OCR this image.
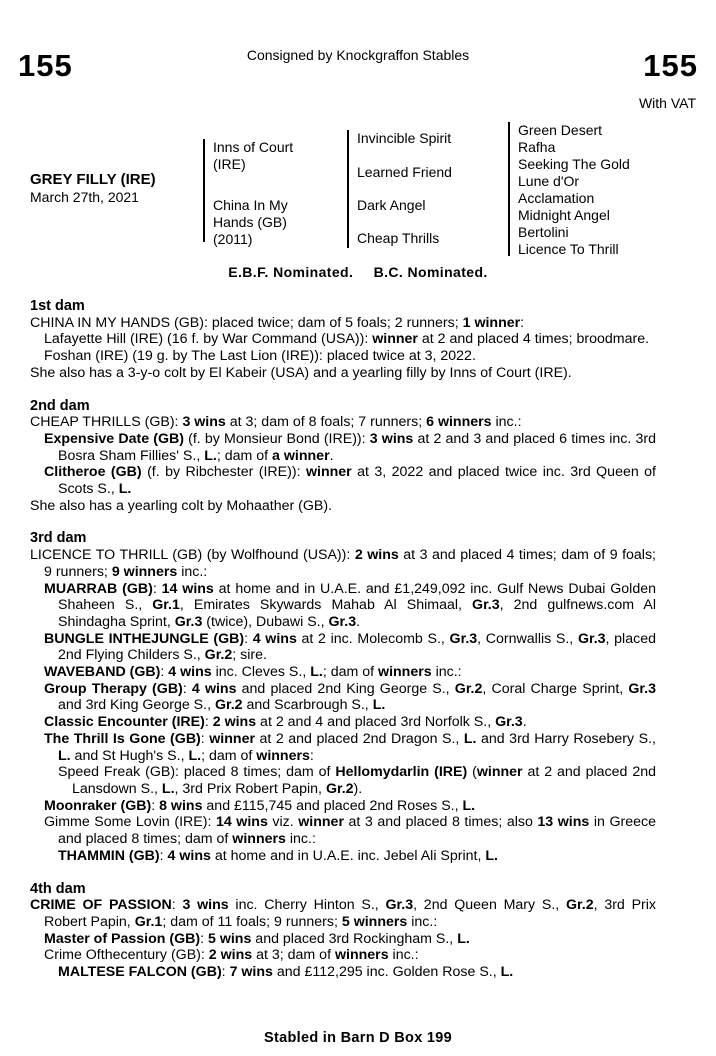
155	155
Consigned by Knockgraffon Stables
With VAT
GREY FILLY (IRE)
March 27th, 2021
Inns of Court
(IRE)
China In My
Hands (GB)
(2011)
Invincible Spirit
Learned Friend
Dark Angel
Cheap Thrills
Green Desert
Rafha
Seeking The Gold
Lune d'Or
Acclamation
Midnight Angel
Bertolini
Licence To Thrill
E.B.F. Nominated. B.C. Nominated.
1st dam
CHINA IN MY HANDS (GB): placed twice; dam of 5 foals; 2 runners; 1 winner:
Lafayette Hill (IRE) (16 f. by War Command (USA)): winner at 2 and placed 4 times; broodmare.
Foshan (IRE) (19 g. by The Last Lion (IRE)): placed twice at 3, 2022.
She also has a 3-y-o colt by El Kabeir (USA) and a yearling filly by Inns of Court (IRE).
2nd dam
CHEAP THRILLS (GB): 3 wins at 3; dam of 8 foals; 7 runners; 6 winners inc.:
Expensive Date (GB) (f. by Monsieur Bond (IRE)): 3 wins at 2 and 3 and placed 6 times inc. 3rd Bosra Sham Fillies' S., L.; dam of a winner.
Clitheroe (GB) (f. by Ribchester (IRE)): winner at 3, 2022 and placed twice inc. 3rd Queen of Scots S., L.
She also has a yearling colt by Mohaather (GB).
3rd dam
LICENCE TO THRILL (GB) (by Wolfhound (USA)): 2 wins at 3 and placed 4 times; dam of 9 foals; 9 runners; 9 winners inc.:
MUARRAB (GB): 14 wins at home and in U.A.E. and £1,249,092 inc. Gulf News Dubai Golden Shaheen S., Gr.1, Emirates Skywards Mahab Al Shimaal, Gr.3, 2nd gulfnews.com Al Shindagha Sprint, Gr.3 (twice), Dubawi S., Gr.3.
BUNGLE INTHEJUNGLE (GB): 4 wins at 2 inc. Molecomb S., Gr.3, Cornwallis S., Gr.3, placed 2nd Flying Childers S., Gr.2; sire.
WAVEBAND (GB): 4 wins inc. Cleves S., L.; dam of winners inc.:
Group Therapy (GB): 4 wins and placed 2nd King George S., Gr.2, Coral Charge Sprint, Gr.3 and 3rd King George S., Gr.2 and Scarbrough S., L.
Classic Encounter (IRE): 2 wins at 2 and 4 and placed 3rd Norfolk S., Gr.3.
The Thrill Is Gone (GB): winner at 2 and placed 2nd Dragon S., L. and 3rd Harry Rosebery S., L. and St Hugh's S., L.; dam of winners:
Speed Freak (GB): placed 8 times; dam of Hellomydarlin (IRE) (winner at 2 and placed 2nd Lansdown S., L., 3rd Prix Robert Papin, Gr.2).
Moonraker (GB): 8 wins and £115,745 and placed 2nd Roses S., L.
Gimme Some Lovin (IRE): 14 wins viz. winner at 3 and placed 8 times; also 13 wins in Greece and placed 8 times; dam of winners inc.:
THAMMIN (GB): 4 wins at home and in U.A.E. inc. Jebel Ali Sprint, L.
4th dam
CRIME OF PASSION: 3 wins inc. Cherry Hinton S., Gr.3, 2nd Queen Mary S., Gr.2, 3rd Prix Robert Papin, Gr.1; dam of 11 foals; 9 runners; 5 winners inc.:
Master of Passion (GB): 5 wins and placed 3rd Rockingham S., L.
Crime Ofthecentury (GB): 2 wins at 3; dam of winners inc.:
MALTESE FALCON (GB): 7 wins and £112,295 inc. Golden Rose S., L.
Stabled in Barn D Box 199
